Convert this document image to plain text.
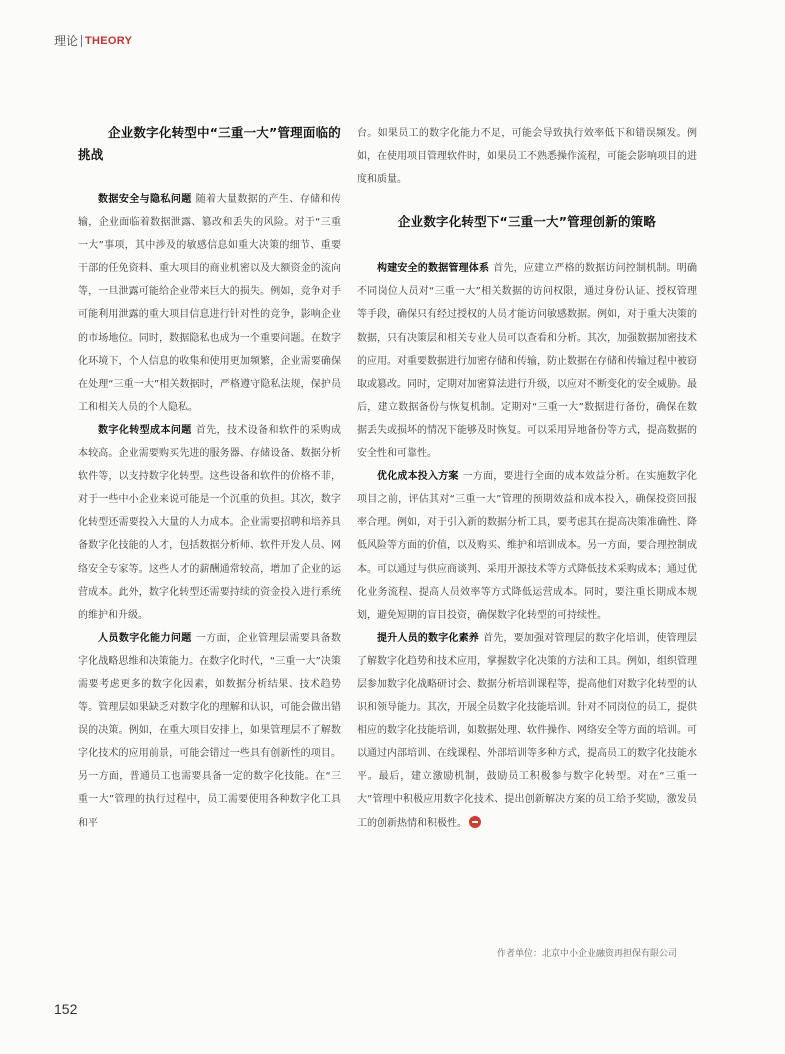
理论 THEORY
企业数字化转型中“三重一大”管理面临的挑战

数据安全与隐私问题 随着大量数据的产生、存储和传输，企业面临着数据泄露、篡改和丢失的风险。对于“三重一大”事项，其中涉及的敏感信息如重大决策的细节、重要干部的任免资料、重大项目的商业机密以及大额资金的流向等，一旦泄露可能给企业带来巨大的损失。例如，竞争对手可能利用泄露的重大项目信息进行针对性的竞争，影响企业的市场地位。同时，数据隐私也成为一个重要问题。在数字化环境下，个人信息的收集和使用更加频繁，企业需要确保在处理“三重一大”相关数据时，严格遵守隐私法规，保护员工和相关人员的个人隐私。

数字化转型成本问题 首先，技术设备和软件的采购成本较高。企业需要购买先进的服务器、存储设备、数据分析软件等，以支持数字化转型。这些设备和软件的价格不菲，对于一些中小企业来说可能是一个沉重的负担。其次，数字化转型还需要投入大量的人力成本。企业需要招聘和培养具备数字化技能的人才，包括数据分析师、软件开发人员、网络安全专家等。这些人才的薪酬通常较高，增加了企业的运营成本。此外，数字化转型还需要持续的资金投入进行系统的维护和升级。

人员数字化能力问题 一方面，企业管理层需要具备数字化战略思维和决策能力。在数字化时代，“三重一大”决策需要考虑更多的数字化因素，如数据分析结果、技术趋势等。管理层如果缺乏对数字化的理解和认识，可能会做出错误的决策。例如，在重大项目安排上，如果管理层不了解数字化技术的应用前景，可能会错过一些具有创新性的项目。另一方面，普通员工也需要具备一定的数字化技能。在“三重一大”管理的执行过程中，员工需要使用各种数字化工具和平

台。如果员工的数字化能力不足，可能会导致执行效率低下和错误频发。例如，在使用项目管理软件时，如果员工不熟悉操作流程，可能会影响项目的进度和质量。

企业数字化转型下“三重一大”管理创新的策略

构建安全的数据管理体系 首先，应建立严格的数据访问控制机制。明确不同岗位人员对“三重一大”相关数据的访问权限，通过身份认证、授权管理等手段，确保只有经过授权的人员才能访问敏感数据。例如，对于重大决策的数据，只有决策层和相关专业人员可以查看和分析。其次，加强数据加密技术的应用。对重要数据进行加密存储和传输，防止数据在存储和传输过程中被窃取或篡改。同时，定期对加密算法进行升级，以应对不断变化的安全威胁。最后，建立数据备份与恢复机制。定期对“三重一大”数据进行备份，确保在数据丢失或损坏的情况下能够及时恢复。可以采用异地备份等方式，提高数据的安全性和可靠性。

优化成本投入方案 一方面，要进行全面的成本效益分析。在实施数字化项目之前，评估其对“三重一大”管理的预期效益和成本投入，确保投资回报率合理。例如，对于引入新的数据分析工具，要考虑其在提高决策准确性、降低风险等方面的价值，以及购买、维护和培训成本。另一方面，要合理控制成本。可以通过与供应商谈判、采用开源技术等方式降低技术采购成本；通过优化业务流程、提高人员效率等方式降低运营成本。同时，要注重长期成本规划，避免短期的盲目投资，确保数字化转型的可持续性。

提升人员的数字化素养 首先，要加强对管理层的数字化培训，使管理层了解数字化趋势和技术应用，掌握数字化决策的方法和工具。例如，组织管理层参加数字化战略研讨会、数据分析培训课程等，提高他们对数字化转型的认识和领导能力。其次，开展全员数字化技能培训。针对不同岗位的员工，提供相应的数字化技能培训，如数据处理、软件操作、网络安全等方面的培训。可以通过内部培训、在线课程、外部培训等多种方式，提高员工的数字化技能水平。最后，建立激励机制，鼓励员工积极参与数字化转型。对在“三重一大”管理中积极应用数字化技术、提出创新解决方案的员工给予奖励，激发员工的创新热情和积极性。

作者单位：北京中小企业融资再担保有限公司
152
